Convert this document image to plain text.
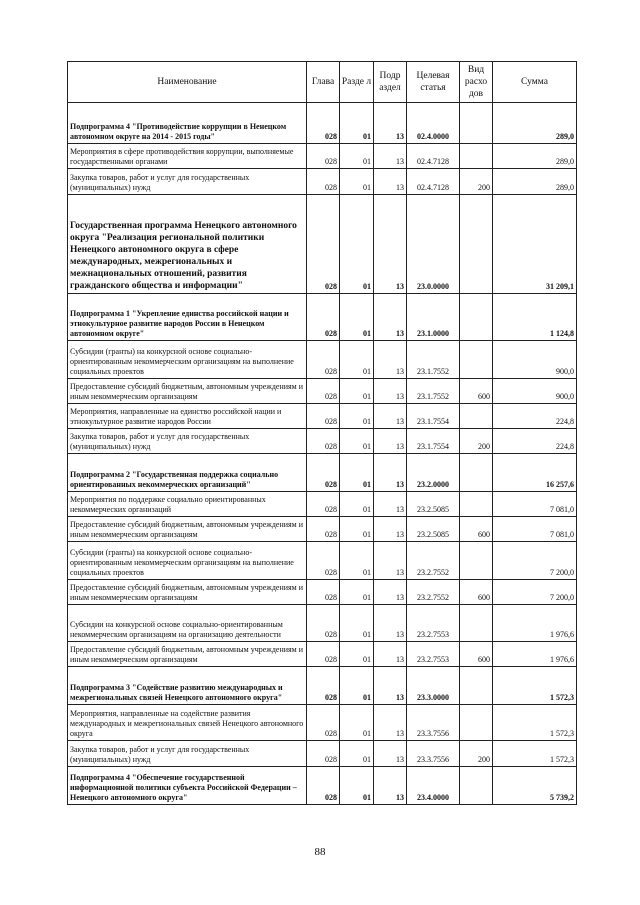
Наименование	Глава	Разде л	Подр аздел	Целевая статья	Вид расхо дов	Сумма
Подпрограмма 4 "Противодействие коррупции в Ненецком автономном округе на 2014 - 2015 годы"	028	01	13	02.4.0000		289,0
Мероприятия в сфере противодействия коррупции, выполняемые государственными органами	028	01	13	02.4.7128		289,0
Закупка товаров, работ и услуг для государственных (муниципальных) нужд	028	01	13	02.4.7128	200	289,0
Государственная программа Ненецкого автономного округа "Реализация региональной политики Ненецкого автономного округа в сфере международных, межрегиональных и межнациональных отношений, развития гражданского общества и информации"	028	01	13	23.0.0000		31 209,1
Подпрограмма 1 "Укрепление единства российской нации и этнокультурное развитие народов России в Ненецком автономном округе"	028	01	13	23.1.0000		1 124,8
Субсидии (гранты) на конкурсной основе социально-ориентированным некоммерческим организациям на выполнение социальных проектов	028	01	13	23.1.7552		900,0
Предоставление субсидий бюджетным, автономным учреждениям и иным некоммерческим организациям	028	01	13	23.1.7552	600	900,0
Мероприятия, направленные на единство российской нации и этнокультурное развитие народов России	028	01	13	23.1.7554		224,8
Закупка товаров, работ и услуг для государственных (муниципальных) нужд	028	01	13	23.1.7554	200	224,8
Подпрограмма 2 "Государственная поддержка социально ориентированных некоммерческих организаций"	028	01	13	23.2.0000		16 257,6
Мероприятия по поддержке социально ориентированных некоммерческих организаций	028	01	13	23.2.5085		7 081,0
Предоставление субсидий бюджетным, автономным учреждениям и иным некоммерческим организациям	028	01	13	23.2.5085	600	7 081,0
Субсидии (гранты) на конкурсной основе социально-ориентированным некоммерческим организациям на выполнение социальных проектов	028	01	13	23.2.7552		7 200,0
Предоставление субсидий бюджетным, автономным учреждениям и иным некоммерческим организациям	028	01	13	23.2.7552	600	7 200,0
Субсидии на конкурсной основе социально-ориентированным некоммерческим организациям на организацию деятельности	028	01	13	23.2.7553		1 976,6
Предоставление субсидий бюджетным, автономным учреждениям и иным некоммерческим организациям	028	01	13	23.2.7553	600	1 976,6
Подпрограмма 3 "Содействие развитию международных и межрегиональных связей Ненецкого автономного округа"	028	01	13	23.3.0000		1 572,3
Мероприятия, направленные на содействие развития международных и межрегиональных связей Ненецкого автономного округа	028	01	13	23.3.7556		1 572,3
Закупка товаров, работ и услуг для государственных (муниципальных) нужд	028	01	13	23.3.7556	200	1 572,3
Подпрограмма 4 "Обеспечение государственной информационной политики субъекта Российской Федерации – Ненецкого автономного округа"	028	01	13	23.4.0000		5 739,2
88
